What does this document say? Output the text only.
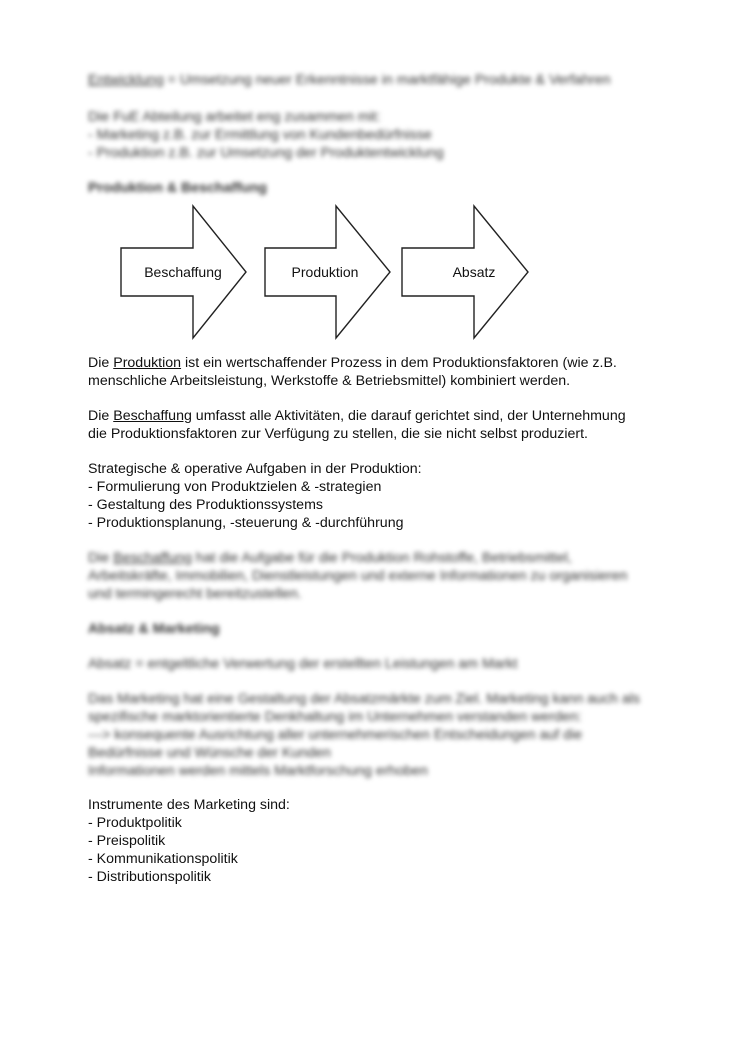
Entwicklung = Umsetzung neuer Erkenntnisse in marktfähige Produkte & Verfahren
Die FuE Abteilung arbeitet eng zusammen mit:
- Marketing z.B. zur Ermittlung von Kundenbedürfnisse
- Produktion z.B. zur Umsetzung der Produktentwicklung
Produktion & Beschaffung
Beschaffung	Produktion	Absatz
Die Produktion ist ein wertschaffender Prozess in dem Produktionsfaktoren (wie z.B.
menschliche Arbeitsleistung, Werkstoffe & Betriebsmittel) kombiniert werden.
Die Beschaffung umfasst alle Aktivitäten, die darauf gerichtet sind, der Unternehmung
die Produktionsfaktoren zur Verfügung zu stellen, die sie nicht selbst produziert.
Strategische & operative Aufgaben in der Produktion:
- Formulierung von Produktzielen & -strategien
- Gestaltung des Produktionssystems
- Produktionsplanung, -steuerung & -durchführung
Die Beschaffung hat die Aufgabe für die Produktion Rohstoffe, Betriebsmittel,
Arbeitskräfte, Immobilien, Dienstleistungen und externe Informationen zu organisieren
und termingerecht bereitzustellen.
Absatz & Marketing
Absatz = entgeltliche Verwertung der erstellten Leistungen am Markt
Das Marketing hat eine Gestaltung der Absatzmärkte zum Ziel. Marketing kann auch als
spezifische marktorientierte Denkhaltung im Unternehmen verstanden werden:
---> konsequente Ausrichtung aller unternehmerischen Entscheidungen auf die
Bedürfnisse und Wünsche der Kunden
Informationen werden mittels Marktforschung erhoben
Instrumente des Marketing sind:
- Produktpolitik
- Preispolitik
- Kommunikationspolitik
- Distributionspolitik
